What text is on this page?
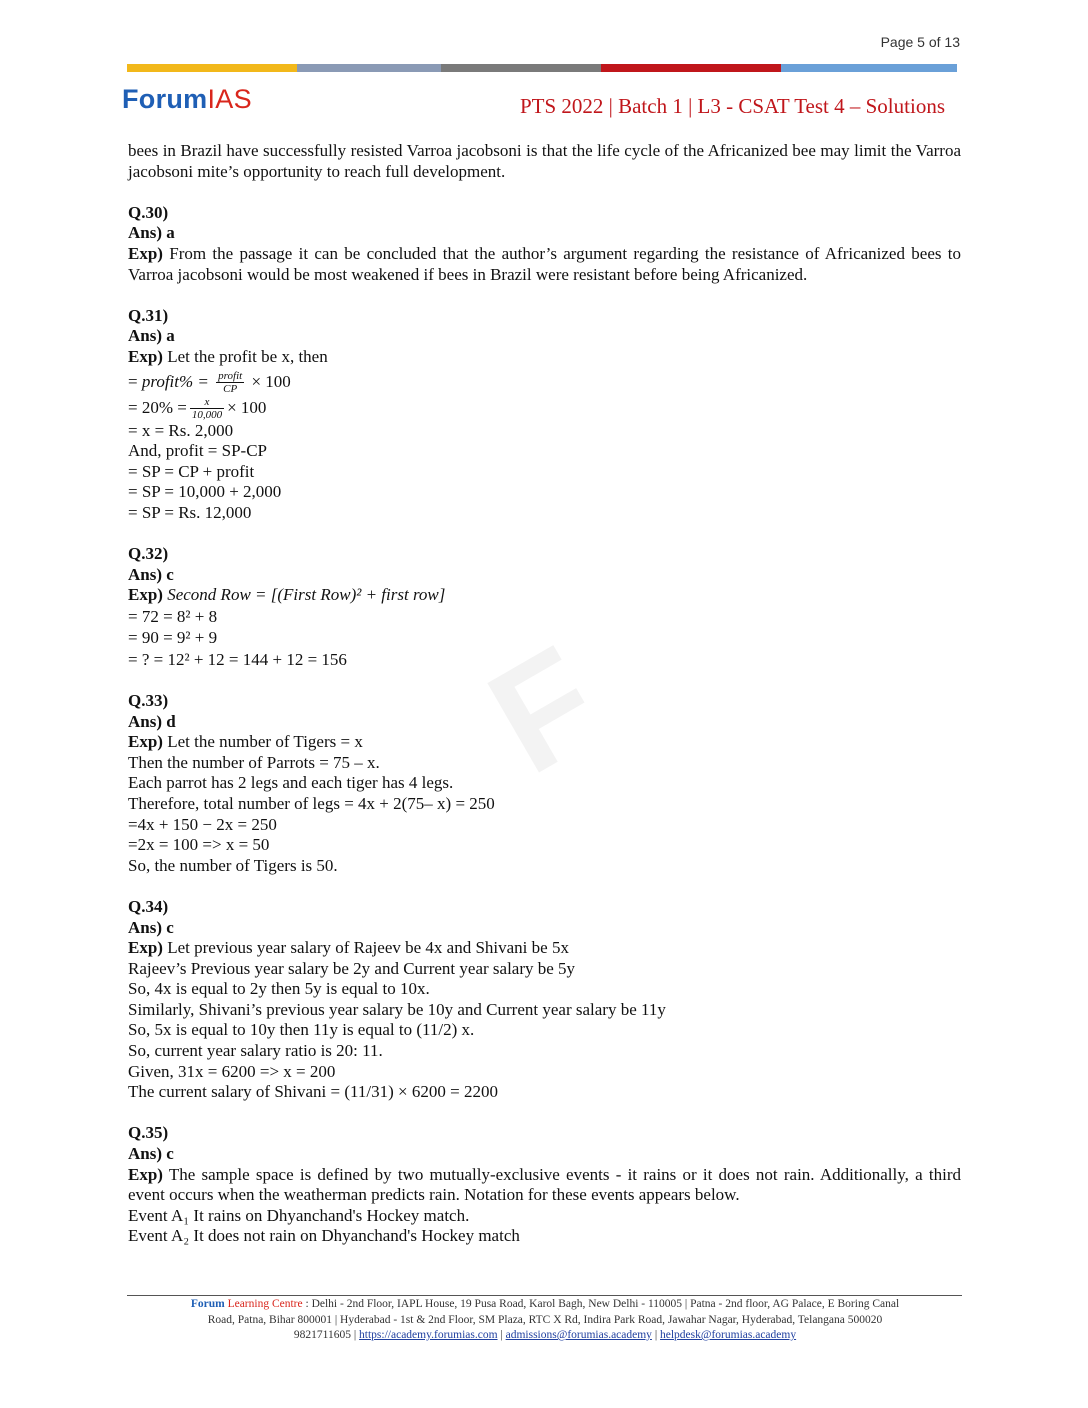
Page 5 of 13
ForumIAS	PTS 2022 | Batch 1 | L3 - CSAT Test 4 – Solutions
F

bees in Brazil have successfully resisted Varroa jacobsoni is that the life cycle of the Africanized bee may limit the Varroa jacobsoni mite’s opportunity to reach full development.

Q.30)

Ans) a

Exp) From the passage it can be concluded that the author’s argument regarding the resistance of Africanized bees to Varroa jacobsoni would be most weakened if bees in Brazil were resistant before being Africanized.

Q.31)

Ans) a

Exp) Let the profit be x, then

= profit% = $\frac{\text{profit}}{CP} \times 100$

= $20\% = \frac{x}{10,000} \times 100$

= x = Rs. 2,000

And, profit = SP-CP

= SP = CP + profit

= SP = 10,000 + 2,000

= SP = Rs. 12,000

Q.32)

Ans) c

Exp) Second Row = [(First Row)² + first row]

= 72 = 8² + 8

= 90 = 9² + 9

= ? = 12² + 12 = 144 + 12 = 156

Q.33)

Ans) d

Exp) Let the number of Tigers = x

Then the number of Parrots = 75 – x.

Each parrot has 2 legs and each tiger has 4 legs.

Therefore, total number of legs = 4x + 2(75– x) = 250

=4x + 150 − 2x = 250

=2x = 100 => x = 50

So, the number of Tigers is 50.

Q.34)

Ans) c

Exp) Let previous year salary of Rajeev be 4x and Shivani be 5x

Rajeev’s Previous year salary be 2y and Current year salary be 5y

So, 4x is equal to 2y then 5y is equal to 10x.

Similarly, Shivani’s previous year salary be 10y and Current year salary be 11y

So, 5x is equal to 10y then 11y is equal to (11/2) x.

So, current year salary ratio is 20: 11.

Given, 31x = 6200 => x = 200

The current salary of Shivani = (11/31) × 6200 = 2200

Q.35)

Ans) c

Exp) The sample space is defined by two mutually-exclusive events - it rains or it does not rain. Additionally, a third event occurs when the weatherman predicts rain. Notation for these events appears below.

Event A₁ It rains on Dhyanchand's Hockey match.

Event A₂ It does not rain on Dhyanchand's Hockey match

Forum Learning Centre : Delhi - 2nd Floor, IAPL House, 19 Pusa Road, Karol Bagh, New Delhi - 110005 | Patna - 2nd floor, AG Palace, E Boring Canal
Road, Patna, Bihar 800001 | Hyderabad - 1st & 2nd Floor, SM Plaza, RTC X Rd, Indira Park Road, Jawahar Nagar, Hyderabad, Telangana 500020
9821711605 | https://academy.forumias.com | admissions@forumias.academy | helpdesk@forumias.academy
